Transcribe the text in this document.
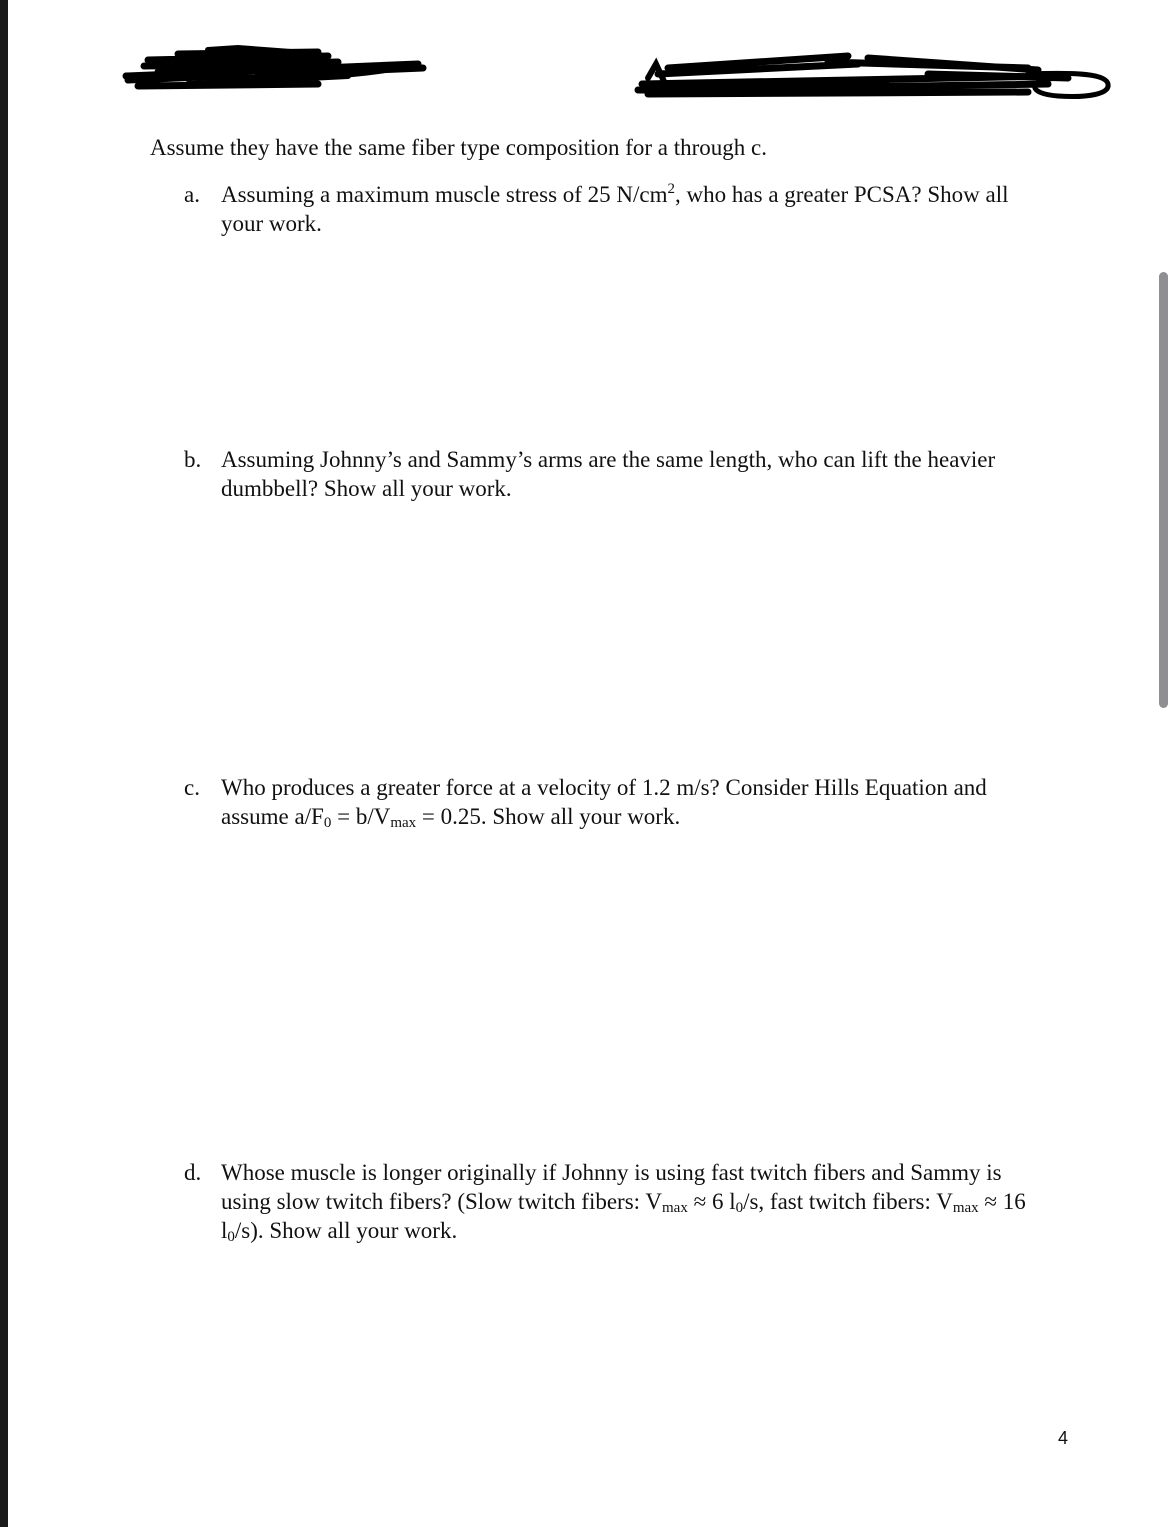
Assume they have the same fiber type composition for a through c.
a. Assuming a maximum muscle stress of 25 $N/cm^2$, who has a greater PCSA? Show all
your work.
b. Assuming Johnny’s and Sammy’s arms are the same length, who can lift the heavier
dumbbell? Show all your work.
c. Who produces a greater force at a velocity of 1.2 m/s? Consider Hills Equation and
assume $a/F_0 = b/V_{max} = 0.25$. Show all your work.
d. Whose muscle is longer originally if Johnny is using fast twitch fibers and Sammy is
using slow twitch fibers? (Slow twitch fibers: $V_{max} \approx 6$ $l_0/s$, fast twitch fibers: $V_{max} \approx 16$
$l_0/s$). Show all your work.
4
